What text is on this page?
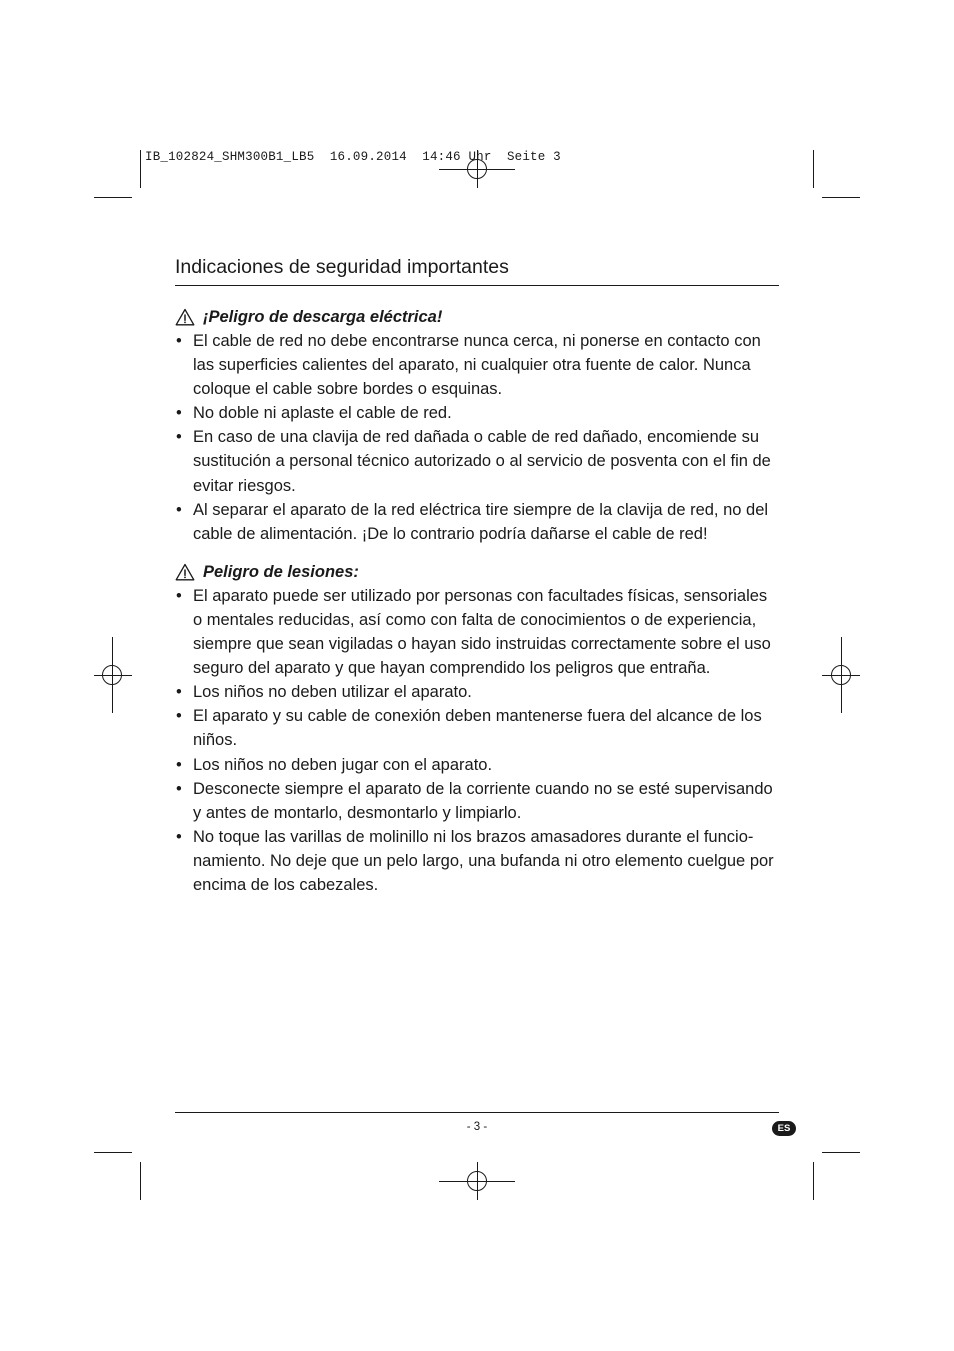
IB_102824_SHM300B1_LB5  16.09.2014  14:46 Uhr  Seite 3
Indicaciones de seguridad importantes
¡Peligro de descarga eléctrica!
• El cable de red no debe encontrarse nunca cerca, ni ponerse en contacto con las superficies calientes del aparato, ni cualquier otra fuente de calor. Nunca coloque el cable sobre bordes o esquinas.
• No doble ni aplaste el cable de red.
• En caso de una clavija de red dañada o cable de red dañado, encomiende su sustitución a personal técnico autorizado o al servicio de posventa con el fin de evitar riesgos.
• Al separar el aparato de la red eléctrica tire siempre de la clavija de red, no del cable de alimentación. ¡De lo contrario podría dañarse el cable de red!
Peligro de lesiones:
• El aparato puede ser utilizado por personas con facultades físicas, sensoriales o mentales reducidas, así como con falta de conocimientos o de experiencia, siempre que sean vigiladas o hayan sido instruidas correctamente sobre el uso seguro del aparato y que hayan comprendido los peligros que entraña.
• Los niños no deben utilizar el aparato.
• El aparato y su cable de conexión deben mantenerse fuera del alcance de los niños.
• Los niños no deben jugar con el aparato.
• Desconecte siempre el aparato de la corriente cuando no se esté supervisando y antes de montarlo, desmontarlo y limpiarlo.
• No toque las varillas de molinillo ni los brazos amasadores durante el funcio-namiento. No deje que un pelo largo, una bufanda ni otro elemento cuelgue por encima de los cabezales.
- 3 -	ES
